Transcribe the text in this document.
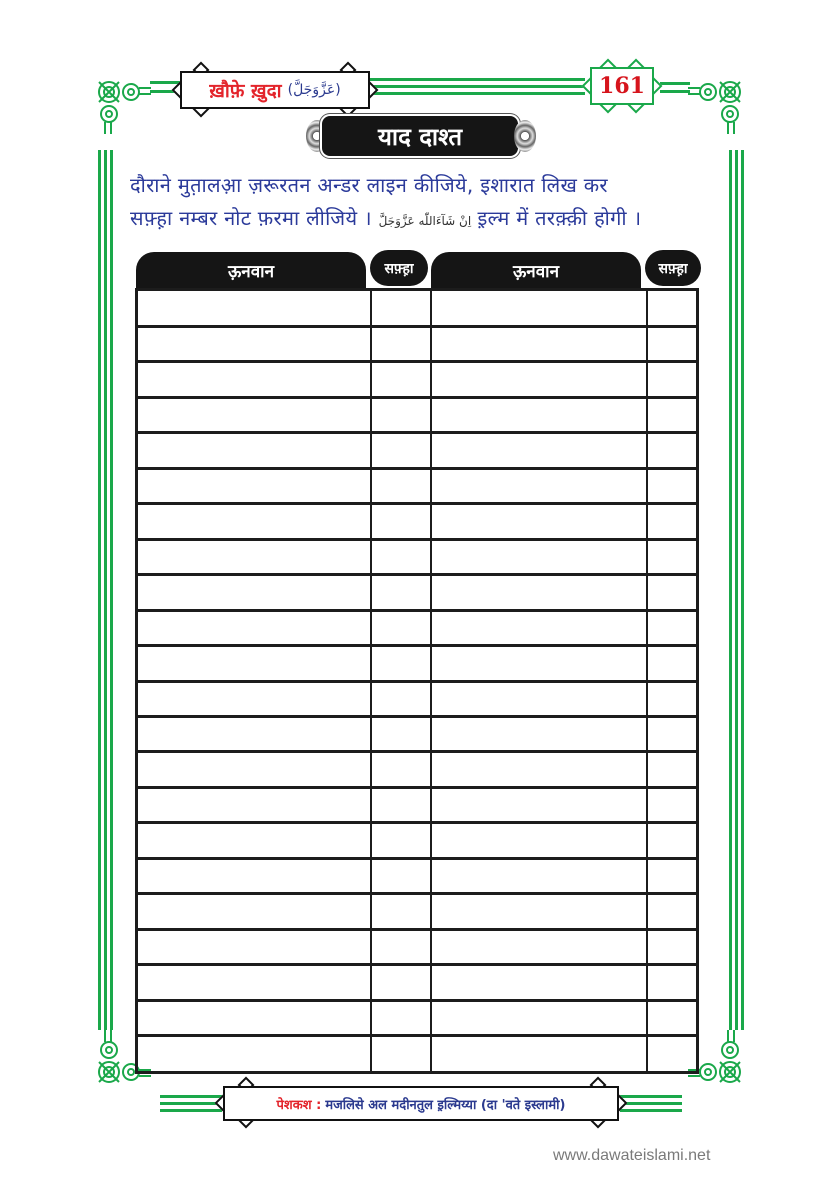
ख़ौफ़े ख़ुदा (عَزَّوَجَلَّ)	161
याद दाश्त
दौराने मुत़ालआ़ ज़रूरतन अन्डर लाइन कीजिये, इशारात लिख कर
सफ़्ह़ा नम्बर नोट फ़रमा लीजिये । اِنْ شَآءَاللّٰه عَزَّوَجَلَّ इ़ल्म में तरक़्क़ी होगी ।
ऊ़नवान	सफ़्ह़ा	ऊ़नवान	सफ़्ह़ा
पेशकश : मजलिसे अल मदीनतुल इ़ल्मिय्या (दा 'वते इस्लामी)
www.dawateislami.net
